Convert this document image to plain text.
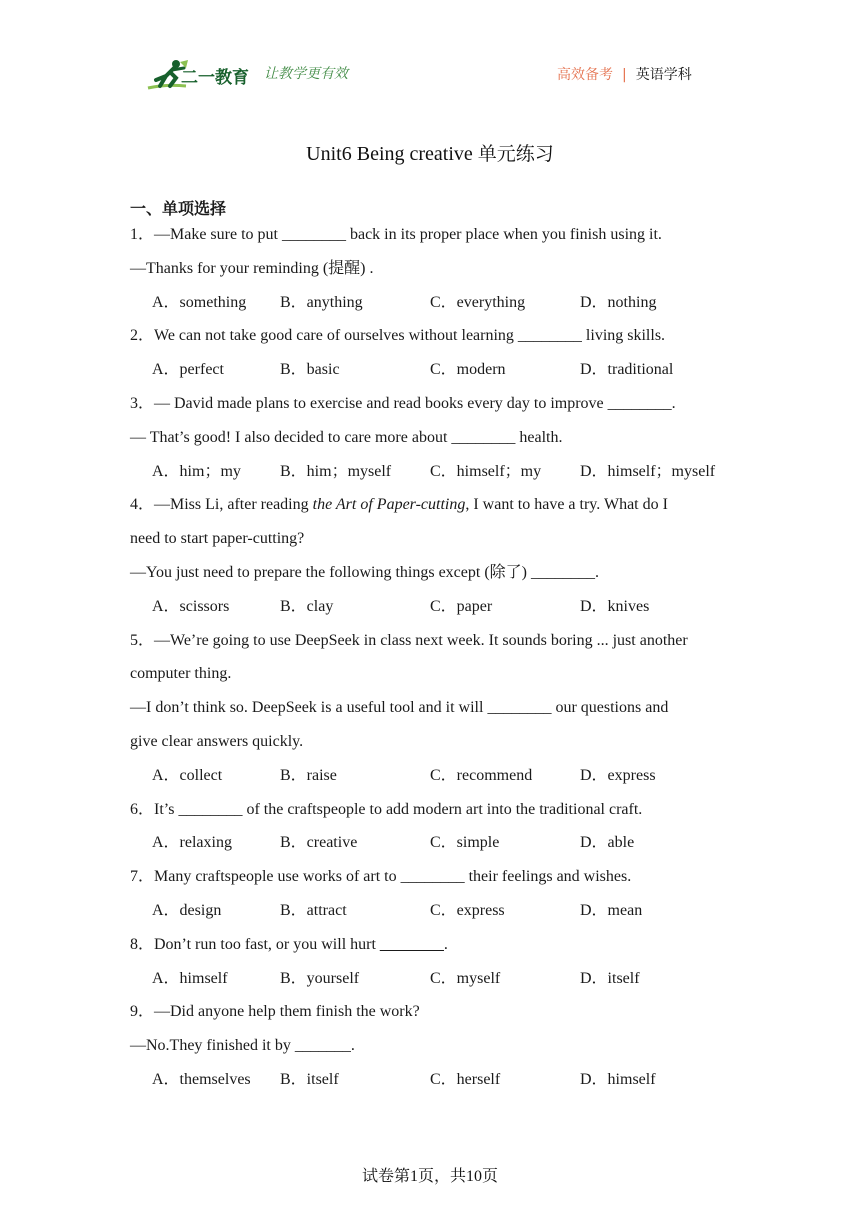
二一教育 让教学更有效	高效备考 | 英语学科
Unit6 Being creative 单元练习
一、单项选择
1．—Make sure to put ________ back in its proper place when you finish using it.
—Thanks for your reminding (提醒) .
A．something B．anything	C．everything	D．nothing
2．We can not take good care of ourselves without learning ________ living skills.
A．perfect	B．basic	C．modern	D．traditional
3．— David made plans to exercise and read books every day to improve ________.
— That’s good! I also decided to care more about ________ health.
A．him；my B．him；myself C．himself；my D．himself；myself
4．—Miss Li, after reading the Art of Paper-cutting, I want to have a try. What do I
need to start paper-cutting?
—You just need to prepare the following things except (除了) ________.
A．scissors	B．clay	C．paper	D．knives
5．—We’re going to use DeepSeek in class next week. It sounds boring ... just another
computer thing.
—I don’t think so. DeepSeek is a useful tool and it will ________ our questions and
give clear answers quickly.
A．collect	B．raise	C．recommend	D．express
6．It’s ________ of the craftspeople to add modern art into the traditional craft.
A．relaxing	B．creative	C．simple	D．able
7．Many craftspeople use works of art to ________ their feelings and wishes.
A．design	B．attract	C．express	D．mean
8．Don’t run too fast, or you will hurt ________.
A．himself	B．yourself	C．myself	D．itself
9．—Did anyone help them finish the work?
—No.They finished it by _______.
A．themselves B．itself	C．herself	D．himself
试卷第1页，共10页
